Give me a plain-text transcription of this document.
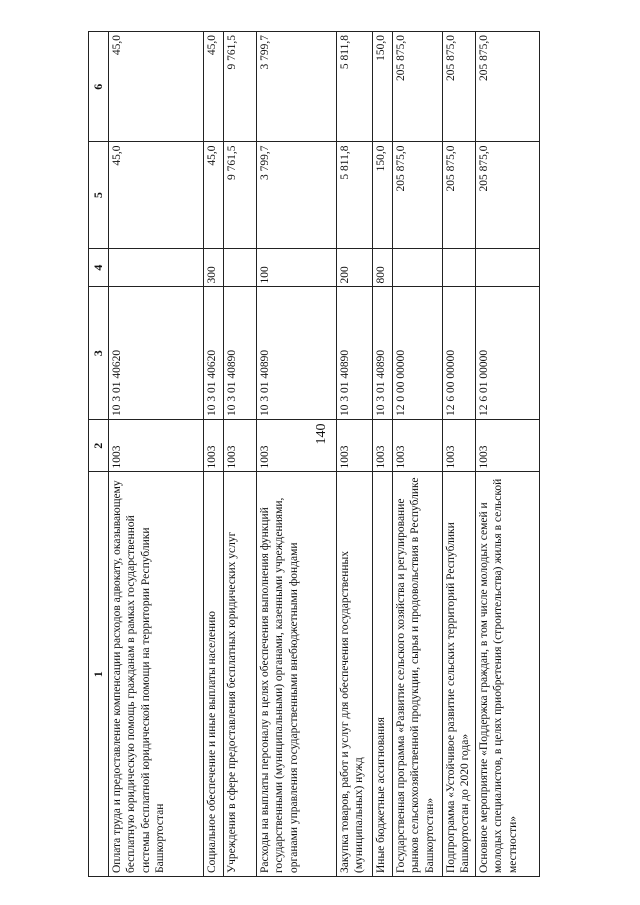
140
1	2	3	4	5	6
Оплата труда и предоставление компенсации расходов адвокату, оказывающему бесплатную юридическую помощь гражданам в рамках государственной системы бесплатной юридической помощи на территории Республики Башкортостан	1003	10 3 01 40620		45,0	45,0
Социальное обеспечение и иные выплаты населению	1003	10 3 01 40620	300	45,0	45,0
Учреждения в сфере предоставления бесплатных юридических услуг	1003	10 3 01 40890		9 761,5	9 761,5
Расходы на выплаты персоналу в целях обеспечения выполнения функций государственными (муниципальными) органами, казенными учреждениями, органами управления государственными внебюджетными фондами	1003	10 3 01 40890	100	3 799,7	3 799,7
Закупка товаров, работ и услуг для обеспечения государственных (муниципальных) нужд	1003	10 3 01 40890	200	5 811,8	5 811,8
Иные бюджетные ассигнования	1003	10 3 01 40890	800	150,0	150,0
Государственная программа «Развитие сельского хозяйства и регулирование рынков сельскохозяйственной продукции, сырья и продовольствия в Республике Башкортостан»	1003	12 0 00 00000		205 875,0	205 875,0
Подпрограмма «Устойчивое развитие сельских территорий Республики Башкортостан до 2020 года»	1003	12 6 00 00000		205 875,0	205 875,0
Основное мероприятие «Поддержка граждан, в том числе молодых семей и молодых специалистов, в целях приобретения (строительства) жилья в сельской местности»	1003	12 6 01 00000		205 875,0	205 875,0
